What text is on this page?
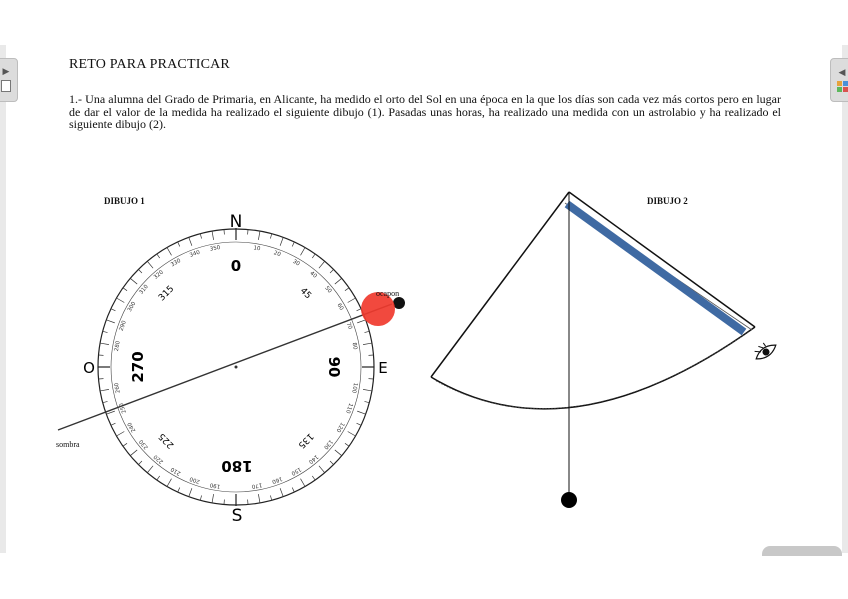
▶	◀
RETO PARA PRACTICAR
1.- Una alumna del Grado de Primaria, en Alicante, ha medido el orto del Sol en una época en la que los días son cada vez más cortos pero en lugar de dar el valor de la medida ha realizado el siguiente dibujo (1). Pasadas unas horas, ha realizado una medida con un astrolabio y ha realizado el siguiente dibujo (2).
DIBUJO 1	DIBUJO 2
10
20
30
40
50
60
70
80
100
110
120
130
140
150
160
170
190
200
210
220
230
240
250
260
280
290
300
310
320
330
340
350
N
S
E
O
0
90
180
270
45
135
225
315	ocapon
sombra
